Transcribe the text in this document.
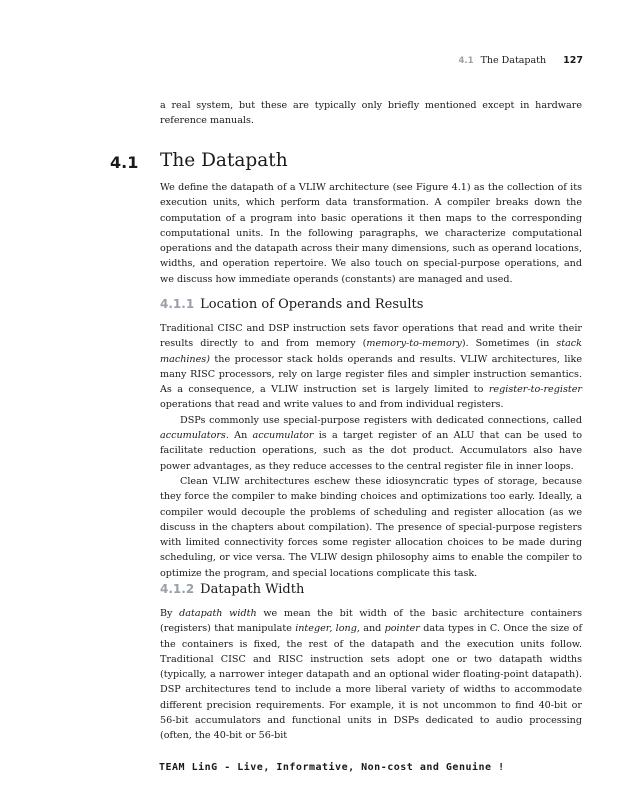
4.1 The Datapath 127

a real system, but these are typically only briefly mentioned except in hardware reference manuals.

4.1 The Datapath

We define the datapath of a VLIW architecture (see Figure 4.1) as the collection of its execution units, which perform data transformation. A compiler breaks down the computation of a program into basic operations it then maps to the corresponding computational units. In the following paragraphs, we characterize computational operations and the datapath across their many dimensions, such as operand locations, widths, and operation repertoire. We also touch on special-purpose operations, and we discuss how immediate operands (constants) are managed and used.

4.1.1 Location of Operands and Results

Traditional CISC and DSP instruction sets favor operations that read and write their results directly to and from memory (memory-to-memory). Sometimes (in stack machines) the processor stack holds operands and results. VLIW architectures, like many RISC processors, rely on large register files and simpler instruction semantics. As a consequence, a VLIW instruction set is largely limited to register-to-register operations that read and write values to and from individual registers.

DSPs commonly use special-purpose registers with dedicated connections, called accumulators. An accumulator is a target register of an ALU that can be used to facilitate reduction operations, such as the dot product. Accumulators also have power advantages, as they reduce accesses to the central register file in inner loops.

Clean VLIW architectures eschew these idiosyncratic types of storage, because they force the compiler to make binding choices and optimizations too early. Ideally, a compiler would decouple the problems of scheduling and register allocation (as we discuss in the chapters about compilation). The presence of special-purpose registers with limited connectivity forces some register allocation choices to be made during scheduling, or vice versa. The VLIW design philosophy aims to enable the compiler to optimize the program, and special locations complicate this task.

4.1.2 Datapath Width

By datapath width we mean the bit width of the basic architecture containers (registers) that manipulate integer, long, and pointer data types in C. Once the size of the containers is fixed, the rest of the datapath and the execution units follow. Traditional CISC and RISC instruction sets adopt one or two datapath widths (typically, a narrower integer datapath and an optional wider floating-point datapath). DSP architectures tend to include a more liberal variety of widths to accommodate different precision requirements. For example, it is not uncommon to find 40-bit or 56-bit accumulators and functional units in DSPs dedicated to audio processing (often, the 40-bit or 56-bit

TEAM LinG - Live, Informative, Non-cost and Genuine !
